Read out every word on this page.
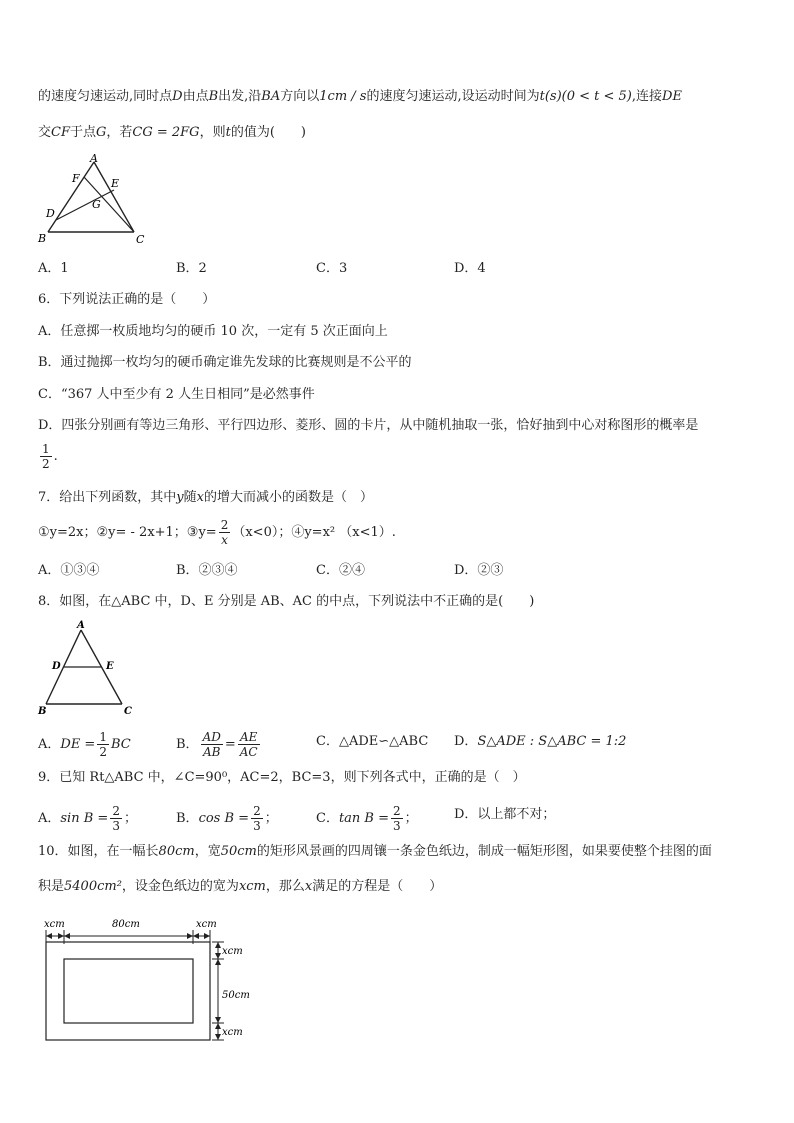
的速度匀速运动,同时点D由点B出发,沿BA方向以1cm / s的速度匀速运动,设运动时间为t(s)(0 < t < 5),连接DE
交CF于点G，若CG = 2FG，则t的值为(　　)
A
F	E
G
D
B	C
A．1	B．2	C．3	D．4
6．下列说法正确的是（　　）
A．任意掷一枚质地均匀的硬币 10 次，一定有 5 次正面向上
B．通过抛掷一枚均匀的硬币确定谁先发球的比赛规则是不公平的
C．“367 人中至少有 2 人生日相同”是必然事件
D．四张分别画有等边三角形、平行四边形、菱形、圆的卡片，从中随机抽取一张，恰好抽到中心对称图形的概率是
$\frac{1}{2}$ .
7．给出下列函数，其中y随x的增大而减小的函数是（　）
①y=2x；②y= - 2x+1；③y= $\frac{2}{x} (x<0)$；④y=x² （x<1）.
A．①③④	B．②③④	C．②④	D．②③
8．如图，在△ABC 中，D、E 分别是 AB、AC 的中点，下列说法中不正确的是(　　)
A
D	E
B	C
A．DE = $\frac{1}{2}$ BC	B． $\frac{AD}{AB} = \frac{AE}{AC}$	C．△ADE∽△ABC D．S△ADE : S△ABC = 1:2
9．已知 Rt△ABC 中，∠C=90⁰，AC=2，BC=3，则下列各式中，正确的是（　）
A．$\sin B = \frac{2}{3}$ ；	B．$\cos B = \frac{2}{3}$ ；	C．$\tan B = \frac{2}{3}$ ；	D．以上都不对；
10．如图，在一幅长80cm，宽50cm的矩形风景画的四周镶一条金色纸边，制成一幅矩形图，如果要使整个挂图的面
积是5400cm²，设金色纸边的宽为xcm，那么x满足的方程是（　　）
xcm	80cm	xcm
xcm
50cm
xcm
